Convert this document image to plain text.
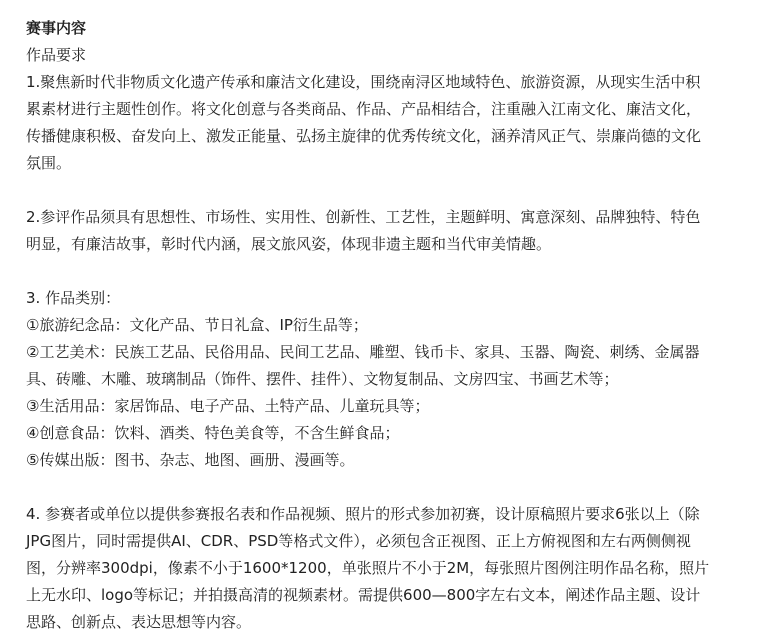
赛事内容
作品要求
1.聚焦新时代非物质文化遗产传承和廉洁文化建设，围绕南浔区地域特色、旅游资源，从现实生活中积
累素材进行主题性创作。将文化创意与各类商品、作品、产品相结合，注重融入江南文化、廉洁文化，
传播健康积极、奋发向上、激发正能量、弘扬主旋律的优秀传统文化，涵养清风正气、崇廉尚德的文化
氛围。
2.参评作品须具有思想性、市场性、实用性、创新性、工艺性，主题鲜明、寓意深刻、品牌独特、特色
明显，有廉洁故事，彰时代内涵，展文旅风姿，体现非遗主题和当代审美情趣。
3. 作品类别：
①旅游纪念品：文化产品、节日礼盒、IP衍生品等；
②工艺美术：民族工艺品、民俗用品、民间工艺品、雕塑、钱币卡、家具、玉器、陶瓷、刺绣、金属器
具、砖雕、木雕、玻璃制品（饰件、摆件、挂件）、文物复制品、文房四宝、书画艺术等；
③生活用品：家居饰品、电子产品、土特产品、儿童玩具等；
④创意食品：饮料、酒类、特色美食等，不含生鲜食品；
⑤传媒出版：图书、杂志、地图、画册、漫画等。
4. 参赛者或单位以提供参赛报名表和作品视频、照片的形式参加初赛，设计原稿照片要求6张以上（除
JPG图片，同时需提供AI、CDR、PSD等格式文件），必须包含正视图、正上方俯视图和左右两侧侧视
图，分辨率300dpi，像素不小于1600*1200，单张照片不小于2M，每张照片图例注明作品名称，照片
上无水印、logo等标记；并拍摄高清的视频素材。需提供600—800字左右文本，阐述作品主题、设计
思路、创新点、表达思想等内容。
